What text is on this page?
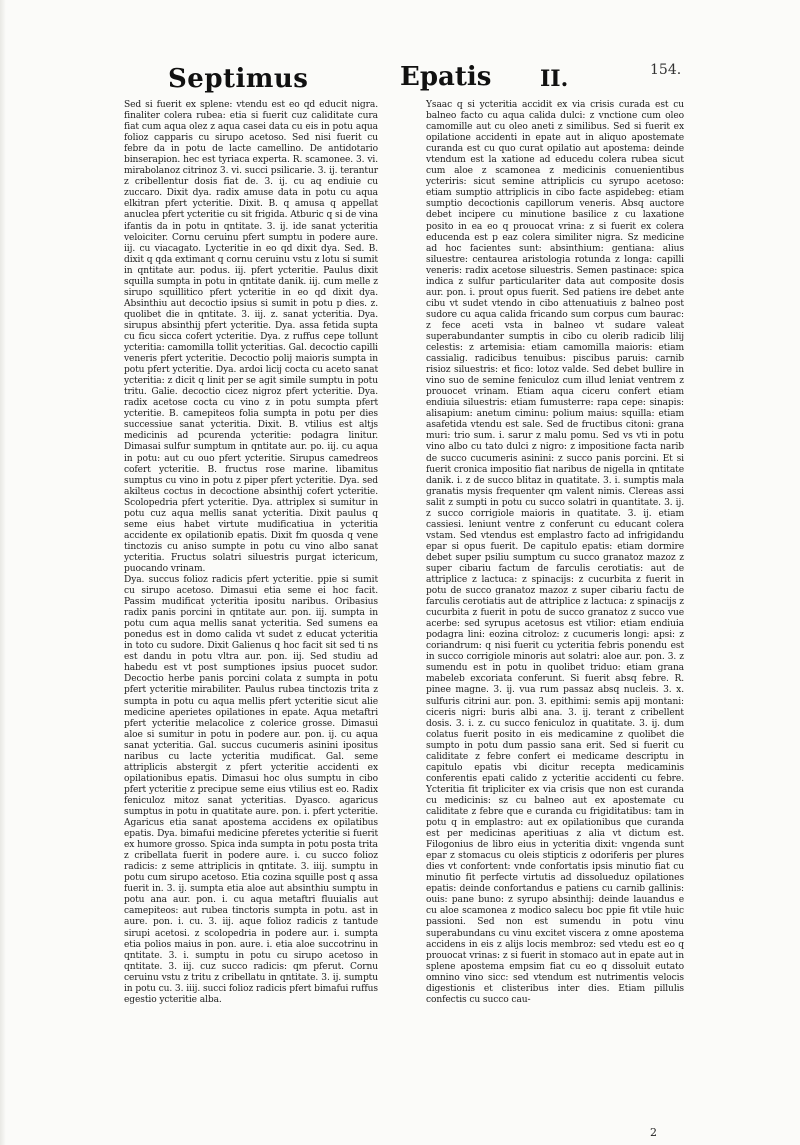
Septimus	Epatis II.	154.

Sed si fuerit ex splene: vtendu est eo qd educit nigra. finaliter colera rubea: etia si fuerit cuz caliditate cura fiat cum aqua olez z aqua casei data cu eis in potu aqua folioz capparis cu sirupo acetoso. Sed nisi fuerit cu febre da in potu de lacte camellino. De antidotario binserapion. hec est tyriaca experta. R. scamonee. 3. vi. mirabolanoz citrinoz 3. vi. succi psilicarie. 3. ij. terantur z cribellentur dosis fiat de. 3. ij. cu aq endiuie cu zuccaro. Dixit dya. radix amuse data in potu cu aqua elkitran pfert ycteritie. Dixit. B. q amusa q appellat anuclea pfert ycteritie cu sit frigida. Atburic q si de vina ifantis da in potu in qntitate. 3. ij. ide sanat ycteritia veloiciter. Cornu ceruinu pfert sumptu in podere aure. iij. cu viacagato. Lycteritie in eo qd dixit dya. Sed. B. dixit q qda extimant q cornu ceruinu vstu z lotu si sumit in qntitate aur. podus. iij. pfert ycteritie. Paulus dixit squilla sumpta in potu in qntitate danik. iij. cum melle z sirupo squillitico pfert ycteritie in eo qd dixit dya. Absinthiu aut decoctio ipsius si sumit in potu p dies. z. quolibet die in qntitate. 3. iij. z. sanat ycteritia. Dya. sirupus absinthij pfert ycteritie. Dya. assa fetida supta cu ficu sicca cofert ycteritie. Dya. z ruffus cepe tollunt ycteritia: camomilla tollit ycteritias. Gal. decoctio capilli veneris pfert ycteritie. Decoctio polij maioris sumpta in potu pfert ycteritie. Dya. ardoi licij cocta cu aceto sanat ycteritia: z dicit q linit per se agit simile sumptu in potu tritu. Galie. decoctio cicez nigroz pfert ycteritie. Dya. radix acetose cocta cu vino z in potu sumpta pfert ycteritie. B. camepiteos folia sumpta in potu per dies successiue sanat ycteritia. Dixit. B. vtilius est altjs medicinis ad pcurenda ycteritie: podagra linitur. Dimasai sulfur sumptum in qntitate aur. po. iij. cu aqua in potu: aut cu ouo pfert ycteritie. Sirupus camedreos cofert ycteritie. B. fructus rose marine. libamitus sumptus cu vino in potu z piper pfert ycteritie. Dya. sed akilteus coctus in decoctione absinthij cofert ycteritie. Scolopedria pfert ycteritie. Dya. attriplex si sumitur in potu cuz aqua mellis sanat ycteritia. Dixit paulus q seme eius habet virtute mudificatiua in ycteritia accidente ex opilationib epatis. Dixit fm quosda q vene tinctozis cu aniso sumpte in potu cu vino albo sanat ycteritia. Fructus solatri siluestris purgat ictericum, puocando vrinam.

Dya. succus folioz radicis pfert ycteritie. ppie si sumit cu sirupo acetoso. Dimasui etia seme ei hoc facit. Passim mudificat ycteritia ipositu naribus. Oribasius radix panis porcini in qntitate aur. pon. iij. sumpta in potu cum aqua mellis sanat ycteritia. Sed sumens ea ponedus est in domo calida vt sudet z educat ycteritia in toto cu sudore. Dixit Galienus q hoc facit sit sed ti ns est dandu in potu vltra aur. pon. iij. Sed studiu ad habedu est vt post sumptiones ipsius puocet sudor. Decoctio herbe panis porcini colata z sumpta in potu pfert ycteritie mirabiliter. Paulus rubea tinctozis trita z sumpta in potu cu aqua mellis pfert ycteritie sicut alie medicine aperietes opilationes in epate. Aqua metaftri pfert ycteritie melacolice z colerice grosse. Dimasui aloe si sumitur in potu in podere aur. pon. ij. cu aqua sanat ycteritia. Gal. succus cucumeris asinini ipositus naribus cu lacte ycteritia mudificat. Gal. seme attriplicis abstergit z pfert ycteritie accidenti ex opilationibus epatis. Dimasui hoc olus sumptu in cibo pfert ycteritie z precipue seme eius vtilius est eo. Radix feniculoz mitoz sanat ycteritias. Dyasco. agaricus sumptus in potu in quatitate aure. pon. i. pfert ycteritie. Agaricus etia sanat apostema accidens ex opilatibus epatis. Dya. bimafui medicine pferetes ycteritie si fuerit ex humore grosso. Spica inda sumpta in potu posta trita z cribellata fuerit in podere aure. i. cu succo folioz radicis: z seme attriplicis in qntitate. 3. iiij. sumptu in potu cum sirupo acetoso. Etia cozina squille post q assa fuerit in. 3. ij. sumpta etia aloe aut absinthiu sumptu in potu ana aur. pon. i. cu aqua metaftri fluuialis aut camepiteos: aut rubea tinctoris sumpta in potu. ast in aure. pon. i. cu. 3. iij. aque folioz radicis z tantude sirupi acetosi. z scolopedria in podere aur. i. sumpta etia polios maius in pon. aure. i. etia aloe succotrinu in qntitate. 3. i. sumptu in potu cu sirupo acetoso in qntitate. 3. iij. cuz succo radicis: qm pferut. Cornu ceruinu vstu z tritu z cribellatu in qntitate. 3. ij. sumptu in potu cu. 3. iiij. succi folioz radicis pfert bimafui ruffus egestio ycteritie alba.

Ysaac q si ycteritia accidit ex via crisis curada est cu balneo facto cu aqua calida dulci: z vnctione cum oleo camomille aut cu oleo aneti z similibus. Sed si fuerit ex opilatione accidenti in epate aut in aliquo apostemate curanda est cu quo curat opilatio aut apostema: deinde vtendum est la xatione ad educedu colera rubea sicut cum aloe z scamonea z medicinis conuenientibus ycteriris: sicut semine attriplicis cu syrupo acetoso: etiam sumptio attriplicis in cibo facte aspidebeg: etiam sumptio decoctionis capillorum veneris. Absq auctore debet incipere cu minutione basilice z cu laxatione posito in ea eo q prouocat vrina: z si fuerit ex colera educenda est p eaz colera similiter nigra. Sz medicine ad hoc facientes sunt: absinthium: gentiana: alius siluestre: centaurea aristologia rotunda z longa: capilli veneris: radix acetose siluestris. Semen pastinace: spica indica z sulfur particulariter data aut composite dosis aur. pon. i. prout opus fuerit. Sed patiens ire debet ante cibu vt sudet vtendo in cibo attenuatiuis z balneo post sudore cu aqua calida fricando sum corpus cum baurac: z fece aceti vsta in balneo vt sudare valeat superabundanter sumptis in cibo cu olerib radicib lilij celestis: z artemisia: etiam camomilla maioris: etiam cassialig. radicibus tenuibus: piscibus paruis: carnib risioz siluestris: et fico: lotoz valde. Sed debet bullire in vino suo de semine feniculoz cum illud leniat ventrem z prouocet vrinam. Etiam aqua ciceru confert etiam endiuia siluestris: etiam fumusterre: rapa cepe: sinapis: alisapium: anetum ciminu: polium maius: squilla: etiam asafetida vtendu est sale. Sed de fructibus citoni: grana muri: trio sum. i. sarur z malu pomu. Sed vs vti in potu vino albo cu tato dulci z nigro: z impositione facta narib de succo cucumeris asinini: z succo panis porcini. Et si fuerit cronica impositio fiat naribus de nigella in qntitate danik. i. z de succo blitaz in quatitate. 3. i. sumptis mala granatis mysis frequenter qm valent nimis. Clereas assi salit z sumpti in potu cu succo solatri in quantitate. 3. ij. z succo corrigiole maioris in quatitate. 3. ij. etiam cassiesi. leniunt ventre z conferunt cu educant colera vstam. Sed vtendus est emplastro facto ad infrigidandu epar si opus fuerit. De capitulo epatis: etiam dormire debet super psiliu sumptum cu succo granatoz mazoz z super cibariu factum de farculis cerotiatis: aut de attriplice z lactuca: z spinacijs: z cucurbita z fuerit in potu de succo granatoz mazoz z super cibariu factu de farculis cerotiatis aut de attriplice z lactuca: z spinacijs z cucurbita z fuerit in potu de succo granatoz z succo vue acerbe: sed syrupus acetosus est vtilior: etiam endiuia podagra lini: eozina citroloz: z cucumeris longi: apsi: z coriandrum: q nisi fuerit cu ycteritia febris ponendu est in succo corrigiole minoris aut solatri: aloe aur. pon. 3. z sumendu est in potu in quolibet triduo: etiam grana mabeleb excoriata conferunt. Si fuerit absq febre. R. pinee magne. 3. ij. vua rum passaz absq nucleis. 3. x. sulfuris citrini aur. pon. 3. epithimi: semis apij montani: ciceris nigri: buris albi ana. 3. ij. terant z cribellent dosis. 3. i. z. cu succo feniculoz in quatitate. 3. ij. dum colatus fuerit posito in eis medicamine z quolibet die sumpto in potu dum passio sana erit. Sed si fuerit cu caliditate z febre confert ei medicame descriptu in capitulo epatis vbi dicitur recepta medicaminis conferentis epati calido z ycteritie accidenti cu febre. Ycteritia fit tripliciter ex via crisis que non est curanda cu medicinis: sz cu balneo aut ex apostemate cu caliditate z febre que e curanda cu frigiditatibus: tam in potu q in emplastro: aut ex opilationibus que curanda est per medicinas aperitiuas z alia vt dictum est. Filogonius de libro eius in ycteritia dixit: vngenda sunt epar z stomacus cu oleis stipticis z odoriferis per plures dies vt confortent: vnde confortatis ipsis minutio fiat cu minutio fit perfecte virtutis ad dissolueduz opilationes epatis: deinde confortandus e patiens cu carnib gallinis: ouis: pane buno: z syrupo absinthij: deinde lauandus e cu aloe scamonea z modico salecu boc ppie fit vtile huic passioni. Sed non est sumendu in potu vinu superabundans cu vinu excitet viscera z omne apostema accidens in eis z alijs locis membroz: sed vtedu est eo q prouocat vrinas: z si fuerit in stomaco aut in epate aut in splene apostema empsim fiat cu eo q dissoluit eutato omnino vino sicc: sed vtendum est nutrimentis velocis digestionis et clisteribus inter dies. Etiam pillulis confectis cu succo cau-

2
